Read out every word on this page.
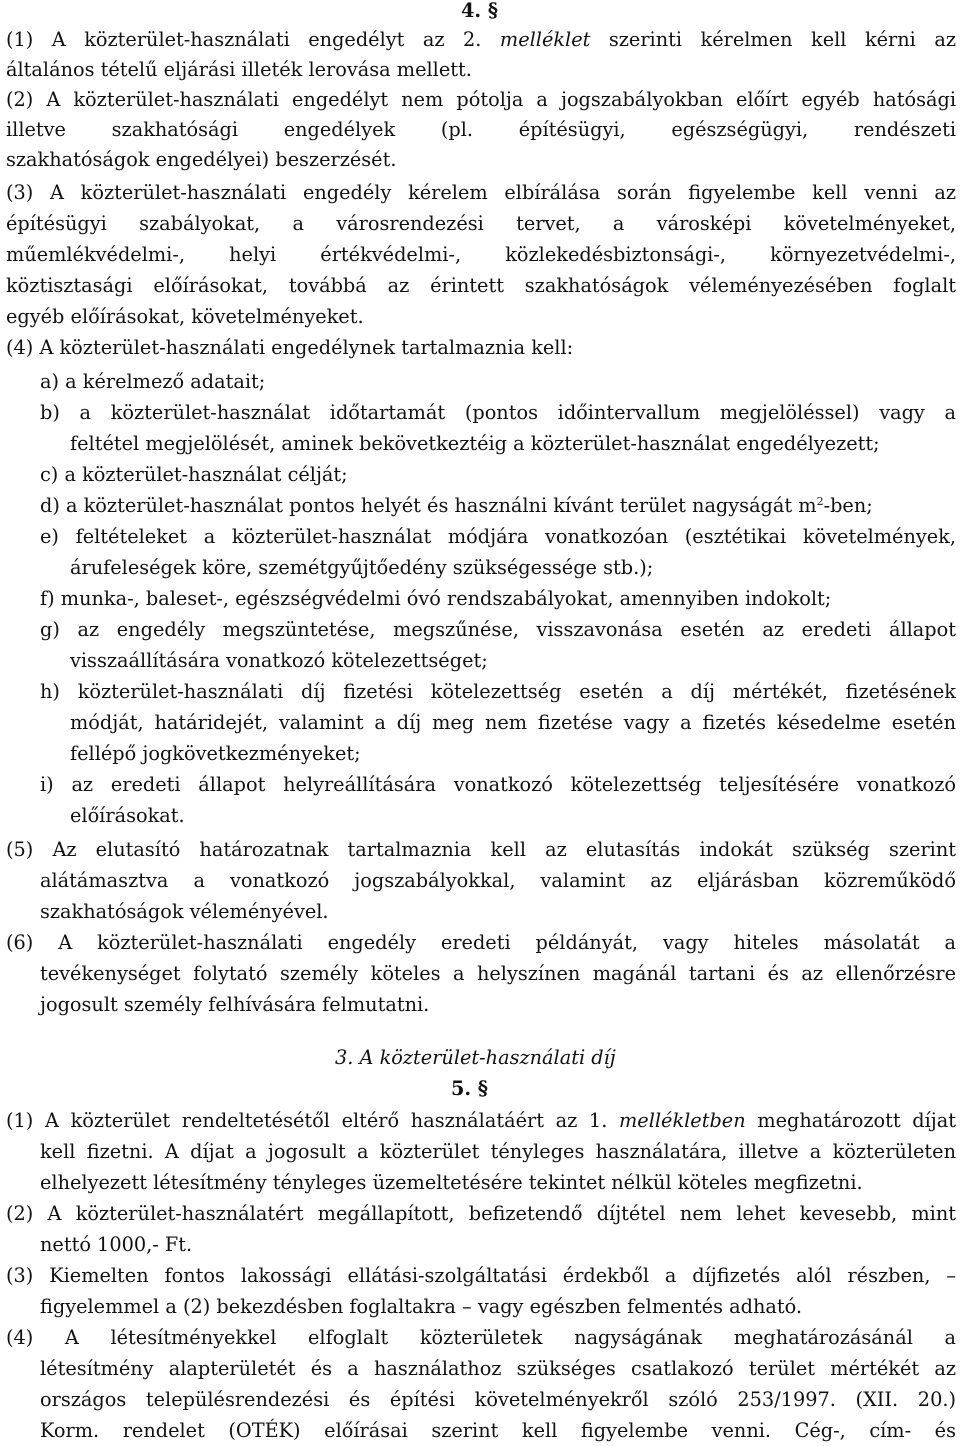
4. §
(1) A közterület-használati engedélyt az 2. melléklet szerinti kérelmen kell kérni az
általános tételű eljárási illeték lerovása mellett.
(2) A közterület-használati engedélyt nem pótolja a jogszabályokban előírt egyéb hatósági
illetve szakhatósági engedélyek (pl. építésügyi, egészségügyi, rendészeti
szakhatóságok engedélyei) beszerzését.
(3) A közterület-használati engedély kérelem elbírálása során figyelembe kell venni az
építésügyi szabályokat, a városrendezési tervet, a városképi követelményeket,
műemlékvédelmi-, helyi értékvédelmi-, közlekedésbiztonsági-, környezetvédelmi-,
köztisztasági előírásokat, továbbá az érintett szakhatóságok véleményezésében foglalt
egyéb előírásokat, követelményeket.
(4) A közterület-használati engedélynek tartalmaznia kell:
a) a kérelmező adatait;
b) a közterület-használat időtartamát (pontos időintervallum megjelöléssel) vagy a
feltétel megjelölését, aminek bekövetkeztéig a közterület-használat engedélyezett;
c) a közterület-használat célját;
d) a közterület-használat pontos helyét és használni kívánt terület nagyságát $m^2$-ben;
e) feltételeket a közterület-használat módjára vonatkozóan (esztétikai követelmények,
árufeleségek köre, szemétgyűjtőedény szükségessége stb.);
f) munka-, baleset-, egészségvédelmi óvó rendszabályokat, amennyiben indokolt;
g) az engedély megszüntetése, megszűnése, visszavonása esetén az eredeti állapot
visszaállítására vonatkozó kötelezettséget;
h) közterület-használati díj fizetési kötelezettség esetén a díj mértékét, fizetésének
módját, határidejét, valamint a díj meg nem fizetése vagy a fizetés késedelme esetén
fellépő jogkövetkezményeket;
i) az eredeti állapot helyreállítására vonatkozó kötelezettség teljesítésére vonatkozó
előírásokat.
(5) Az elutasító határozatnak tartalmaznia kell az elutasítás indokát szükség szerint
alátámasztva a vonatkozó jogszabályokkal, valamint az eljárásban közreműködő
szakhatóságok véleményével.
(6) A közterület-használati engedély eredeti példányát, vagy hiteles másolatát a
tevékenységet folytató személy köteles a helyszínen magánál tartani és az ellenőrzésre
jogosult személy felhívására felmutatni.
3. A közterület-használati díj
5. §
(1) A közterület rendeltetésétől eltérő használatáért az 1. mellékletben meghatározott díjat
kell fizetni. A díjat a jogosult a közterület tényleges használatára, illetve a közterületen
elhelyezett létesítmény tényleges üzemeltetésére tekintet nélkül köteles megfizetni.
(2) A közterület-használatért megállapított, befizetendő díjtétel nem lehet kevesebb, mint
nettó 1000,- Ft.
(3) Kiemelten fontos lakossági ellátási-szolgáltatási érdekből a díjfizetés alól részben, –
figyelemmel a (2) bekezdésben foglaltakra – vagy egészben felmentés adható.
(4) A létesítményekkel elfoglalt közterületek nagyságának meghatározásánál a
létesítmény alapterületét és a használathoz szükséges csatlakozó terület mértékét az
országos településrendezési és építési követelményekről szóló 253/1997. (XII. 20.)
Korm. rendelet (OTÉK) előírásai szerint kell figyelembe venni. Cég-, cím- és
